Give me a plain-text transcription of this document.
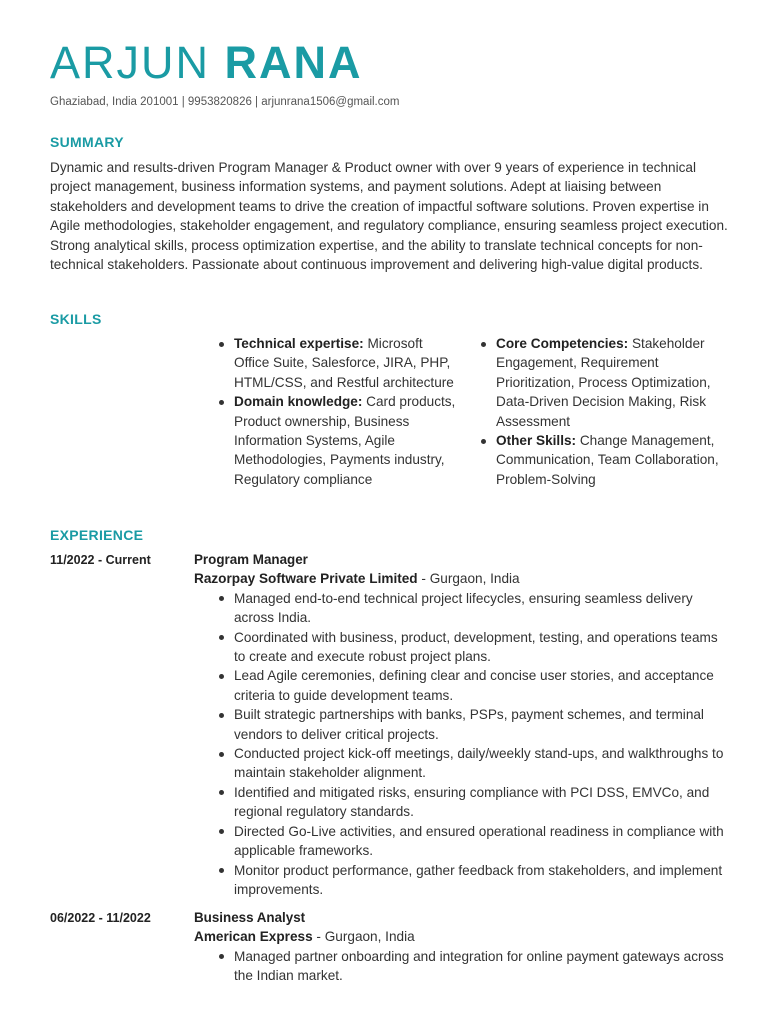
ARJUN RANA
Ghaziabad, India 201001 | 9953820826 | arjunrana1506@gmail.com
SUMMARY

Dynamic and results-driven Program Manager & Product owner with over 9 years of experience in technical project management, business information systems, and payment solutions. Adept at liaising between stakeholders and development teams to drive the creation of impactful software solutions. Proven expertise in Agile methodologies, stakeholder engagement, and regulatory compliance, ensuring seamless project execution. Strong analytical skills, process optimization expertise, and the ability to translate technical concepts for non-technical stakeholders. Passionate about continuous improvement and delivering high-value digital products.

SKILLS
Technical expertise: Microsoft Office Suite, Salesforce, JIRA, PHP, HTML/CSS, and Restful architecture
Domain knowledge: Card products, Product ownership, Business Information Systems, Agile Methodologies, Payments industry, Regulatory compliance
Core Competencies: Stakeholder Engagement, Requirement Prioritization, Process Optimization, Data-Driven Decision Making, Risk Assessment
Other Skills: Change Management, Communication, Team Collaboration, Problem-Solving
EXPERIENCE
11/2022 - Current	Program Manager
Razorpay Software Private Limited - Gurgaon, India
Managed end-to-end technical project lifecycles, ensuring seamless delivery across India.
Coordinated with business, product, development, testing, and operations teams to create and execute robust project plans.
Lead Agile ceremonies, defining clear and concise user stories, and acceptance criteria to guide development teams.
Built strategic partnerships with banks, PSPs, payment schemes, and terminal vendors to deliver critical projects.
Conducted project kick-off meetings, daily/weekly stand-ups, and walkthroughs to maintain stakeholder alignment.
Identified and mitigated risks, ensuring compliance with PCI DSS, EMVCo, and regional regulatory standards.
Directed Go-Live activities, and ensured operational readiness in compliance with applicable frameworks.
Monitor product performance, gather feedback from stakeholders, and implement improvements.
06/2022 - 11/2022	Business Analyst
American Express - Gurgaon, India
Managed partner onboarding and integration for online payment gateways across the Indian market.
